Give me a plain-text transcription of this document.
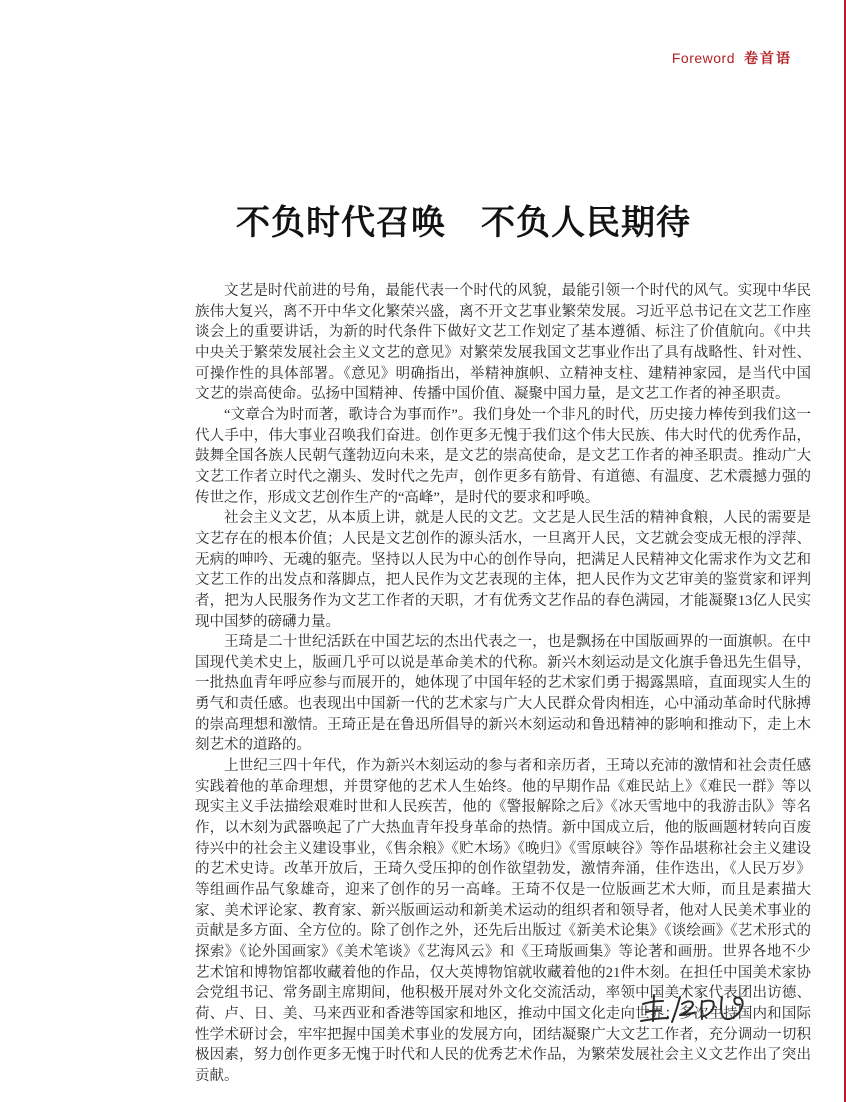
Foreword 卷首语
不负时代召唤　不负人民期待

文艺是时代前进的号角，最能代表一个时代的风貌，最能引领一个时代的风气。实现中华民族伟大复兴，离不开中华文化繁荣兴盛，离不开文艺事业繁荣发展。习近平总书记在文艺工作座谈会上的重要讲话，为新的时代条件下做好文艺工作划定了基本遵循、标注了价值航向。《中共中央关于繁荣发展社会主义文艺的意见》对繁荣发展我国文艺事业作出了具有战略性、针对性、可操作性的具体部署。《意见》明确指出，举精神旗帜、立精神支柱、建精神家园，是当代中国文艺的崇高使命。弘扬中国精神、传播中国价值、凝聚中国力量，是文艺工作者的神圣职责。

“文章合为时而著，歌诗合为事而作”。我们身处一个非凡的时代，历史接力棒传到我们这一代人手中，伟大事业召唤我们奋进。创作更多无愧于我们这个伟大民族、伟大时代的优秀作品，鼓舞全国各族人民朝气蓬勃迈向未来，是文艺的崇高使命，是文艺工作者的神圣职责。推动广大文艺工作者立时代之潮头、发时代之先声，创作更多有筋骨、有道德、有温度、艺术震撼力强的传世之作，形成文艺创作生产的“高峰”，是时代的要求和呼唤。

社会主义文艺，从本质上讲，就是人民的文艺。文艺是人民生活的精神食粮，人民的需要是文艺存在的根本价值；人民是文艺创作的源头活水，一旦离开人民，文艺就会变成无根的浮萍、无病的呻吟、无魂的躯壳。坚持以人民为中心的创作导向，把满足人民精神文化需求作为文艺和文艺工作的出发点和落脚点，把人民作为文艺表现的主体，把人民作为文艺审美的鉴赏家和评判者，把为人民服务作为文艺工作者的天职，才有优秀文艺作品的春色满园，才能凝聚13亿人民实现中国梦的磅礴力量。

王琦是二十世纪活跃在中国艺坛的杰出代表之一，也是飘扬在中国版画界的一面旗帜。在中国现代美术史上，版画几乎可以说是革命美术的代称。新兴木刻运动是文化旗手鲁迅先生倡导，一批热血青年呼应参与而展开的，她体现了中国年轻的艺术家们勇于揭露黑暗，直面现实人生的勇气和责任感。也表现出中国新一代的艺术家与广大人民群众骨肉相连，心中涌动革命时代脉搏的崇高理想和激情。王琦正是在鲁迅所倡导的新兴木刻运动和鲁迅精神的影响和推动下，走上木刻艺术的道路的。

上世纪三四十年代，作为新兴木刻运动的参与者和亲历者，王琦以充沛的激情和社会责任感实践着他的革命理想，并贯穿他的艺术人生始终。他的早期作品《难民站上》《难民一群》等以现实主义手法描绘艰难时世和人民疾苦，他的《警报解除之后》《冰天雪地中的我游击队》等名作，以木刻为武器唤起了广大热血青年投身革命的热情。新中国成立后，他的版画题材转向百废待兴中的社会主义建设事业，《售余粮》《贮木场》《晚归》《雪原峡谷》等作品堪称社会主义建设的艺术史诗。改革开放后，王琦久受压抑的创作欲望勃发，激情奔涌，佳作迭出，《人民万岁》等组画作品气象雄奇，迎来了创作的另一高峰。王琦不仅是一位版画艺术大师，而且是素描大家、美术评论家、教育家、新兴版画运动和新美术运动的组织者和领导者，他对人民美术事业的贡献是多方面、全方位的。除了创作之外，还先后出版过《新美术论集》《谈绘画》《艺术形式的探索》《论外国画家》《美术笔谈》《艺海风云》和《王琦版画集》等论著和画册。世界各地不少艺术馆和博物馆都收藏着他的作品，仅大英博物馆就收藏着他的21件木刻。在担任中国美术家协会党组书记、常务副主席期间，他积极开展对外文化交流活动，率领中国美术家代表团出访德、荷、卢、日、美、马来西亚和香港等国家和地区，推动中国文化走向世界；多次主持国内和国际性学术研讨会，牢牢把握中国美术事业的发展方向，团结凝聚广大文艺工作者，充分调动一切积极因素，努力创作更多无愧于时代和人民的优秀艺术作品，为繁荣发展社会主义文艺作出了突出贡献。
